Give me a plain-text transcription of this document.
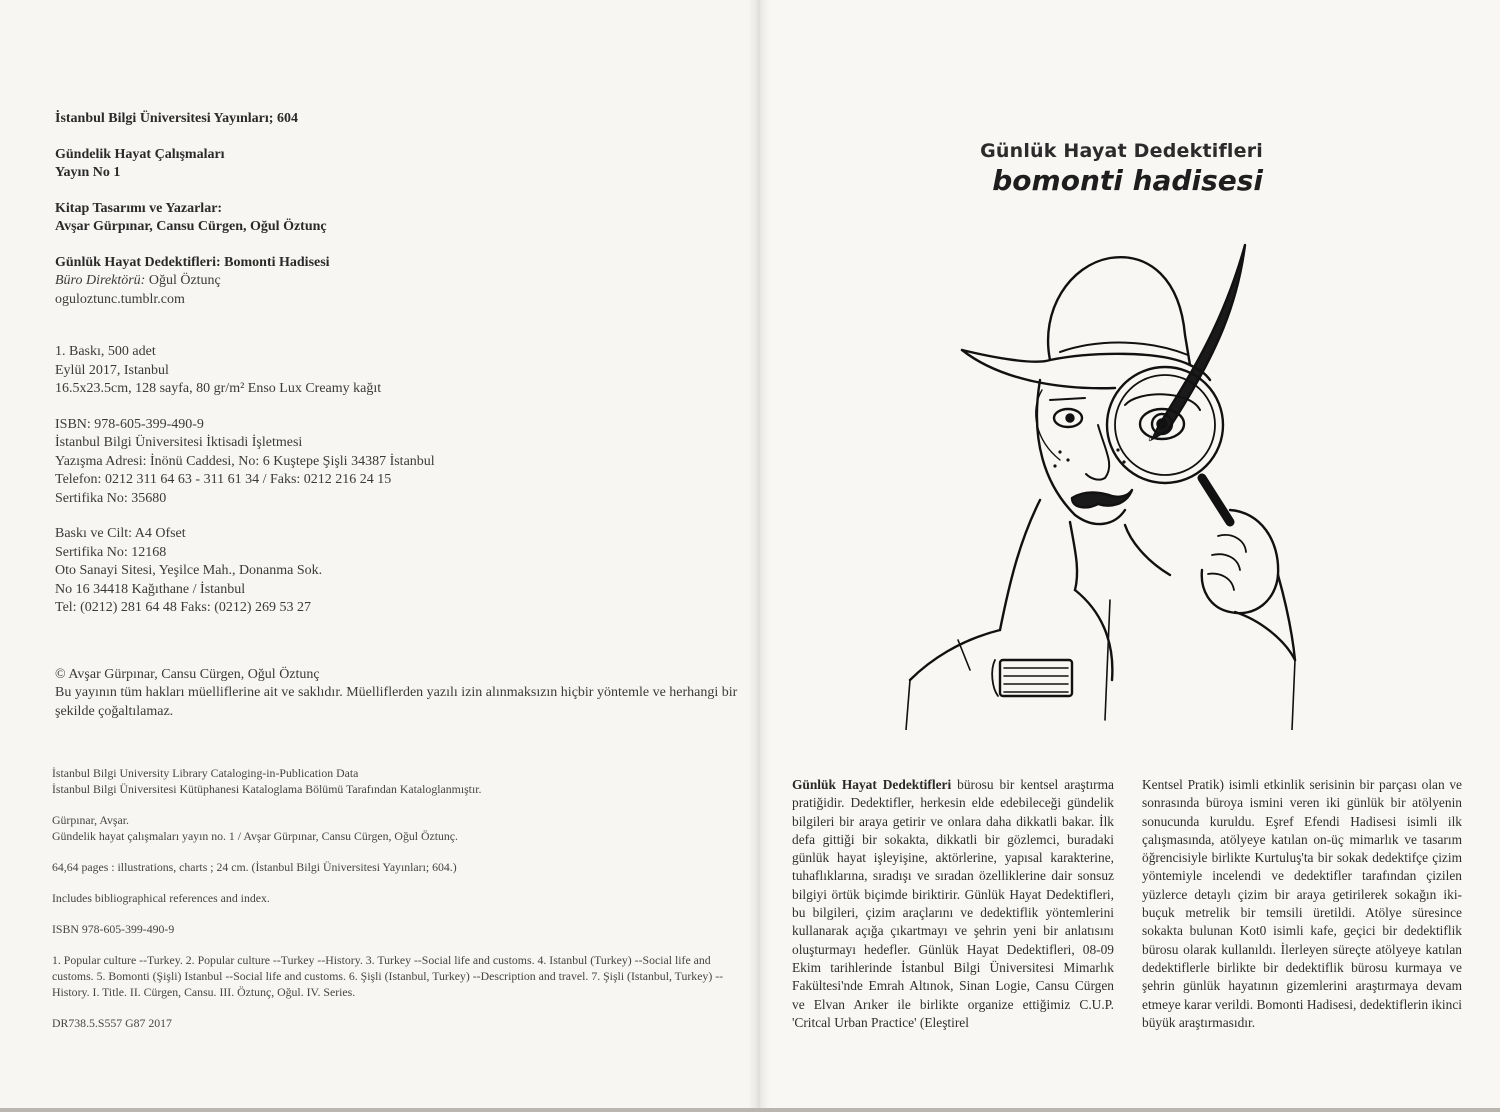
İstanbul Bilgi Üniversitesi Yayınları; 604

Gündelik Hayat Çalışmaları

Yayın No 1

Kitap Tasarımı ve Yazarlar:

Avşar Gürpınar, Cansu Cürgen, Oğul Öztunç

Günlük Hayat Dedektifleri: Bomonti Hadisesi

Büro Direktörü: Oğul Öztunç

oguloztunc.tumblr.com

1. Baskı, 500 adet

Eylül 2017, Istanbul

16.5x23.5cm, 128 sayfa, 80 gr/m² Enso Lux Creamy kağıt

ISBN: 978-605-399-490-9

İstanbul Bilgi Üniversitesi İktisadi İşletmesi

Yazışma Adresi: İnönü Caddesi, No: 6 Kuştepe Şişli 34387 İstanbul

Telefon: 0212 311 64 63 - 311 61 34 / Faks: 0212 216 24 15

Sertifika No: 35680

Baskı ve Cilt: A4 Ofset

Sertifika No: 12168

Oto Sanayi Sitesi, Yeşilce Mah., Donanma Sok.

No 16 34418 Kağıthane / İstanbul

Tel: (0212) 281 64 48 Faks: (0212) 269 53 27

© Avşar Gürpınar, Cansu Cürgen, Oğul Öztunç

Bu yayının tüm hakları müelliflerine ait ve saklıdır. Müelliflerden yazılı izin alınmaksızın hiçbir yöntemle ve herhangi bir şekilde çoğaltılamaz.

İstanbul Bilgi University Library Cataloging-in-Publication Data
İstanbul Bilgi Üniversitesi Kütüphanesi Kataloglama Bölümü Tarafından Kataloglanmıştır.

Gürpınar, Avşar.
Gündelik hayat çalışmaları yayın no. 1 / Avşar Gürpınar, Cansu Cürgen, Oğul Öztunç.

64,64 pages : illustrations, charts ; 24 cm. (İstanbul Bilgi Üniversitesi Yayınları; 604.)

Includes bibliographical references and index.

ISBN 978-605-399-490-9

1. Popular culture --Turkey. 2. Popular culture --Turkey --History. 3. Turkey --Social life and customs. 4. Istanbul (Turkey) --Social life and customs. 5. Bomonti (Şişli) Istanbul --Social life and customs. 6. Şişli (Istanbul, Turkey) --Description and travel. 7. Şişli (Istanbul, Turkey) --History. I. Title. II. Cürgen, Cansu. III. Öztunç, Oğul. IV. Series.

DR738.5.S557 G87 2017

Günlük Hayat Dedektifleri
bomonti hadisesi

Günlük Hayat Dedektifleri bürosu bir kentsel araştırma pratiğidir. Dedektifler, herkesin elde edebileceği gündelik bilgileri bir araya getirir ve onlara daha dikkatli bakar. İlk defa gittiği bir sokakta, dikkatli bir gözlemci, buradaki günlük hayat işleyişine, aktörlerine, yapısal karakterine, tuhaflıklarına, sıradışı ve sıradan özelliklerine dair sonsuz bilgiyi örtük biçimde biriktirir. Günlük Hayat Dedektifleri, bu bilgileri, çizim araçlarını ve dedektiflik yöntemlerini kullanarak açığa çıkartmayı ve şehrin yeni bir anlatısını oluşturmayı hedefler. Günlük Hayat Dedektifleri, 08-09 Ekim tarihlerinde İstanbul Bilgi Üniversitesi Mimarlık Fakültesi'nde Emrah Altınok, Sinan Logie, Cansu Cürgen ve Elvan Arıker ile birlikte organize ettiğimiz C.U.P. 'Critcal Urban Practice' (Eleştirel

Kentsel Pratik) isimli etkinlik serisinin bir parçası olan ve sonrasında büroya ismini veren iki günlük bir atölyenin sonucunda kuruldu. Eşref Efendi Hadisesi isimli ilk çalışmasında, atölyeye katılan on-üç mimarlık ve tasarım öğrencisiyle birlikte Kurtuluş'ta bir sokak dedektifçe çizim yöntemiyle incelendi ve dedektifler tarafından çizilen yüzlerce detaylı çizim bir araya getirilerek sokağın iki-buçuk metrelik bir temsili üretildi. Atölye süresince sokakta bulunan Kot0 isimli kafe, geçici bir dedektiflik bürosu olarak kullanıldı. İlerleyen süreçte atölyeye katılan dedektiflerle birlikte bir dedektiflik bürosu kurmaya ve şehrin günlük hayatının gizemlerini araştırmaya devam etmeye karar verildi. Bomonti Hadisesi, dedektiflerin ikinci büyük araştırmasıdır.
